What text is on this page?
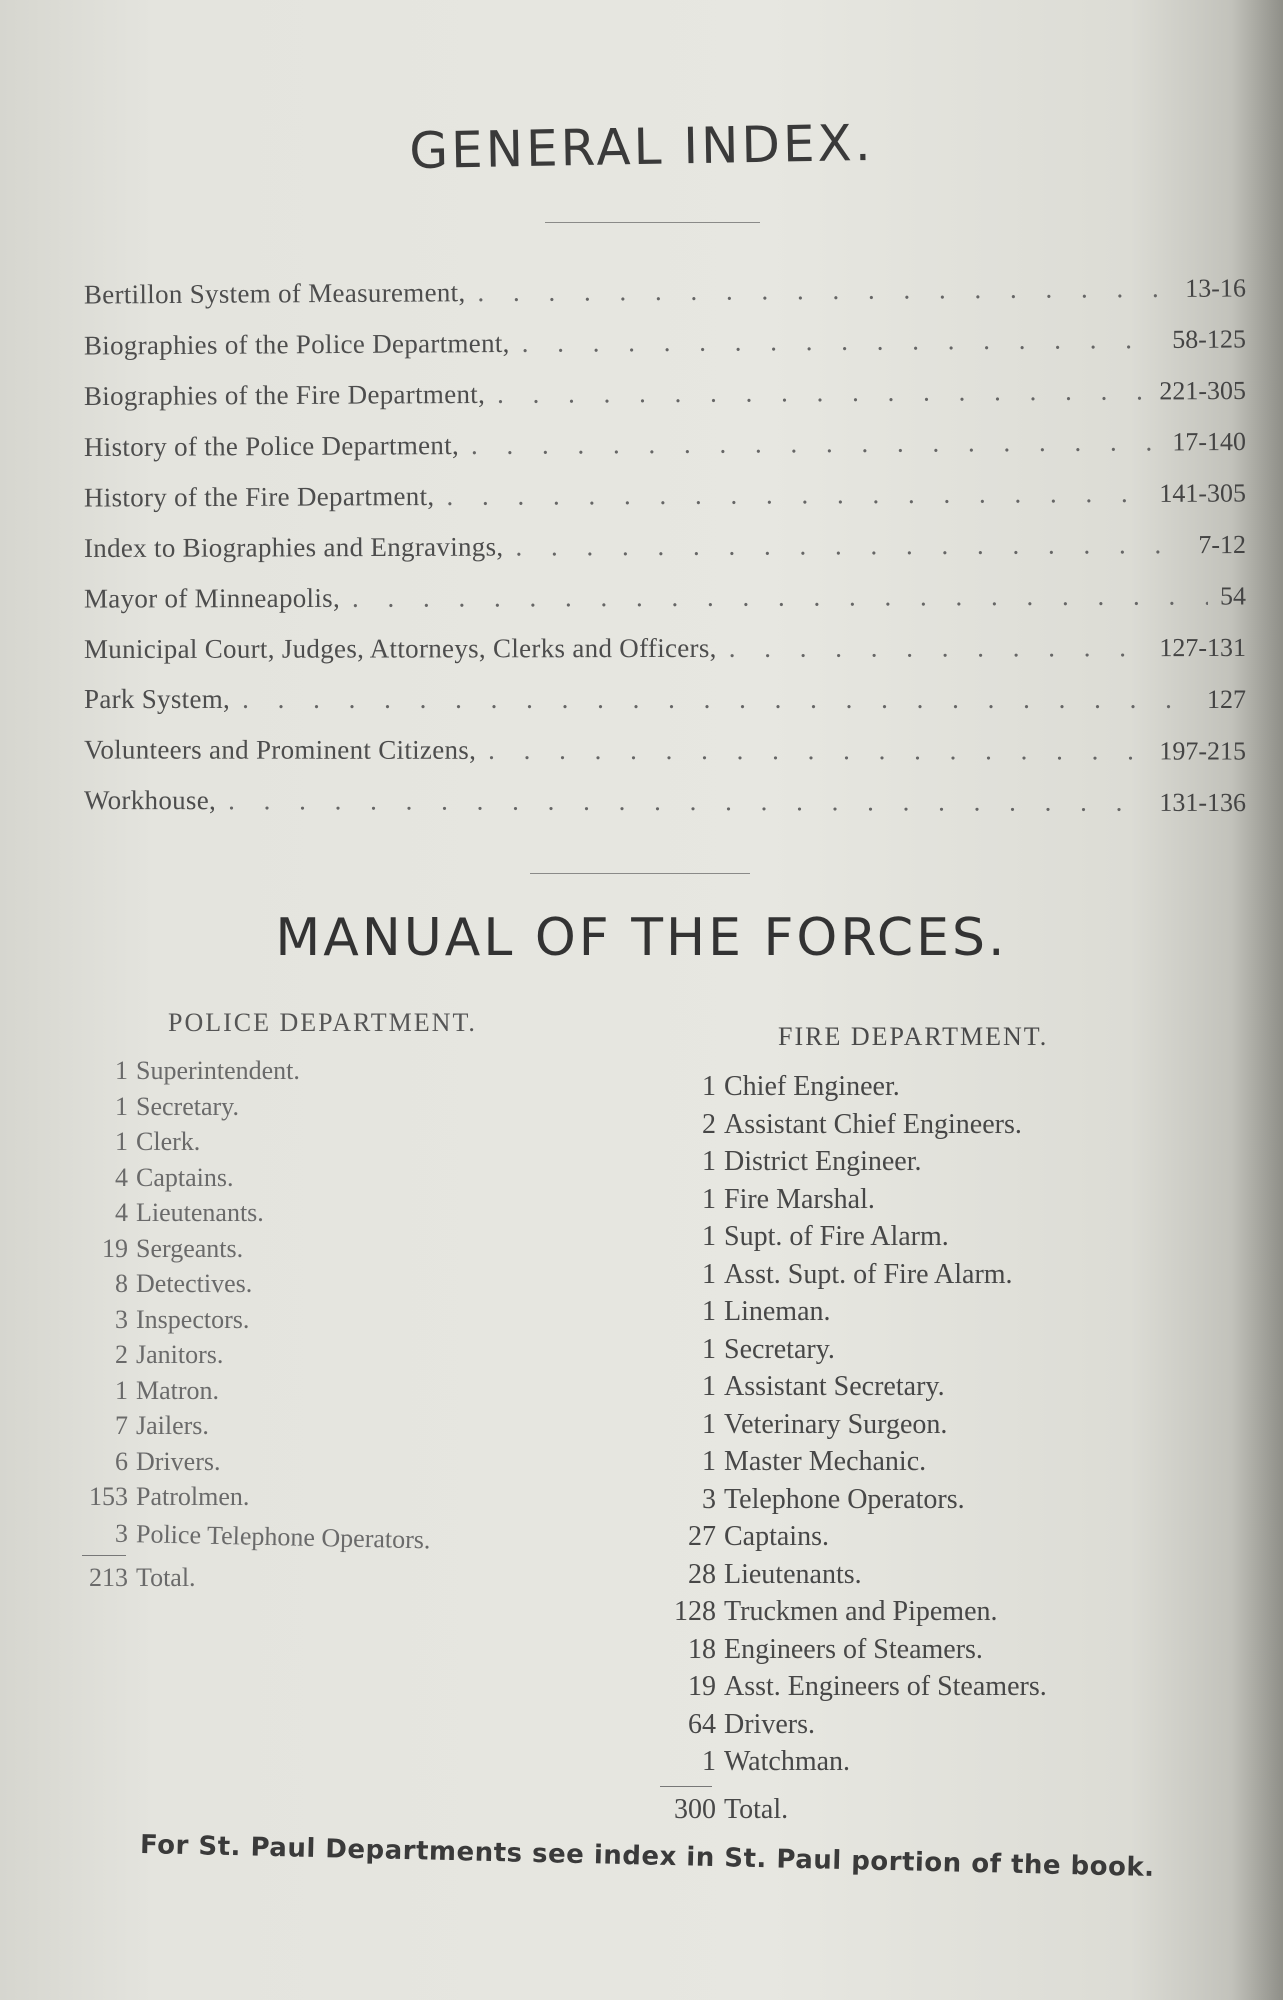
GENERAL INDEX.
Bertillon System of Measurement, . . .	13-16
Biographies of the Police Department, . . .	58-125
Biographies of the Fire Department, . . .	221-305
History of the Police Department, . . .	17-140
History of the Fire Department, . . .	141-305
Index to Biographies and Engravings, . . .	7-12
Mayor of Minneapolis, . . .	54
Municipal Court, Judges, Attorneys, Clerks and Officers, . . .	127-131
Park System, . . .	127
Volunteers and Prominent Citizens, . . .	197-215
Workhouse, . . .	131-136
MANUAL OF THE FORCES.
POLICE DEPARTMENT.	FIRE DEPARTMENT.
1 Superintendent.
1 Secretary.
1 Clerk.
4 Captains.
4 Lieutenants.
19 Sergeants.
8 Detectives.
3 Inspectors.
2 Janitors.
1 Matron.
7 Jailers.
6 Drivers.
153 Patrolmen.
3 Police Telephone Operators.
213 Total.
1 Chief Engineer.
2 Assistant Chief Engineers.
1 District Engineer.
1 Fire Marshal.
1 Supt. of Fire Alarm.
1 Asst. Supt. of Fire Alarm.
1 Lineman.
1 Secretary.
1 Assistant Secretary.
1 Veterinary Surgeon.
1 Master Mechanic.
3 Telephone Operators.
27 Captains.
28 Lieutenants.
128 Truckmen and Pipemen.
18 Engineers of Steamers.
19 Asst. Engineers of Steamers.
64 Drivers.
1 Watchman.
300 Total.
For St. Paul Departments see index in St. Paul portion of the book.
